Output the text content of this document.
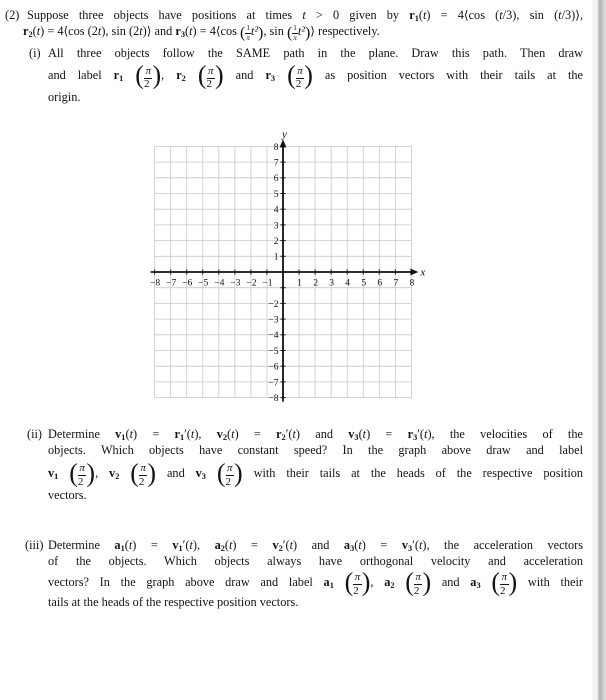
(2) Suppose three objects have positions at times t > 0 given by r1(t) = 4⟨cos (t/3), sin (t/3)⟩,
r2(t) = 4⟨cos (2t), sin (2t)⟩ and r3(t) = 4⟨cos ( $\frac{1}{\pi} t^2$), sin ( $\frac{1}{\pi}$ t²)⟩ respectively.
(i) All three objects follow the SAME path in the plane. Draw this path. Then draw
and label r1 ( $\frac{\pi}{2}$ ), r2 ( $\frac{\pi}{2}$ ) and r3 ( $\frac{\pi}{2}$ ) as position vectors with their tails at the
origin.
−8 −7 −6 −5 −4 −3 −2 −1	1 2 3 4 5 6 7 8
8
7
6
5
4
3
2
1
−2
−3
−4
−5
−6
−7
−8
x
y
(ii) Determine v1(t) = r1′(t), v2(t) = r2′(t) and v3(t) = r3′(t), the velocities of the
objects. Which objects have constant speed? In the graph above draw and label
v1 ( $\frac{\pi}{2}$ ), v2 ( $\frac{\pi}{2}$ ) and v3 ( $\frac{\pi}{2}$ ) with their tails at the heads of the respective position
vectors.
(iii) Determine a1(t) = v1′(t), a2(t) = v2′(t) and a3(t) = v3′(t), the acceleration vectors
of the objects. Which objects always have orthogonal velocity and acceleration
vectors? In the graph above draw and label a1 ( $\frac{\pi}{2}$ ), a2 ( $\frac{\pi}{2}$ ) and a3 ( $\frac{\pi}{2}$ ) with their
tails at the heads of the respective position vectors.
